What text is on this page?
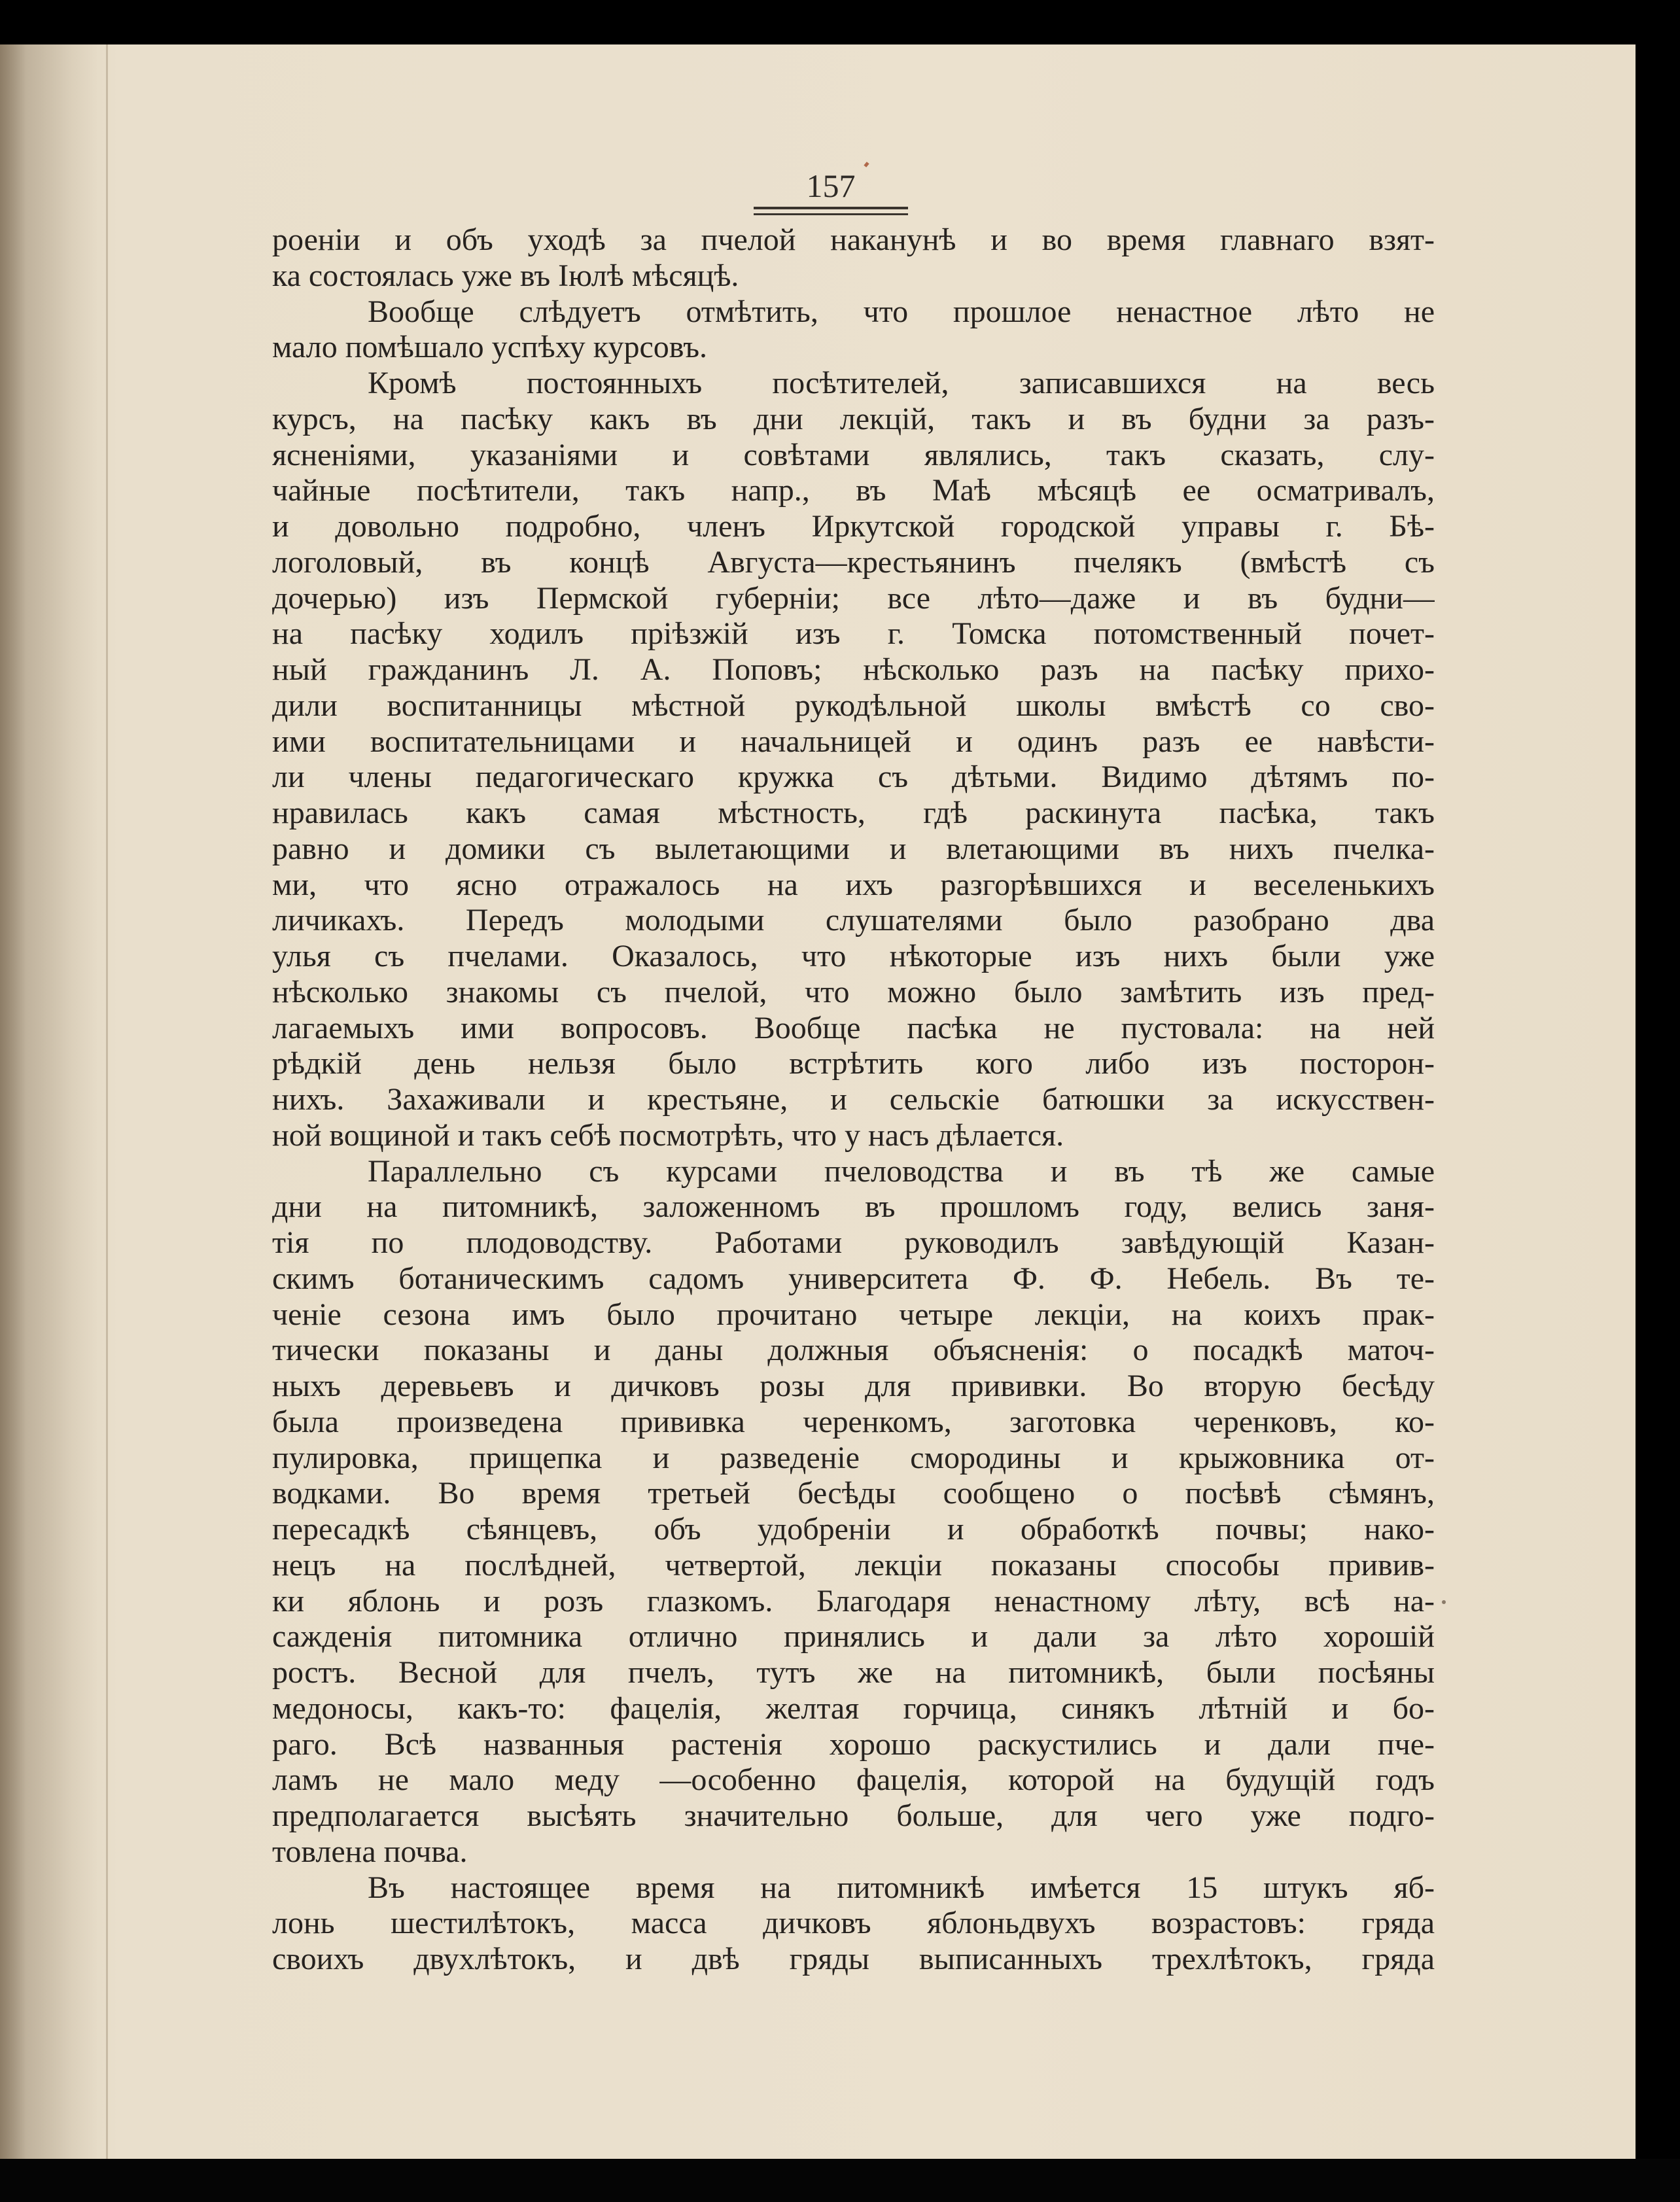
157
роенiи и объ уходѣ за пчелой наканунѣ и во время главнаго взят-
ка состоялась уже въ Iюлѣ мѣсяцѣ.
Вообще слѣдуетъ отмѣтить, что прошлое ненастное лѣто не
мало помѣшало успѣху курсовъ.
Кромѣ постоянныхъ посѣтителей, записавшихся на весь
курсъ, на пасѣку какъ въ дни лекцiй, такъ и въ будни за разъ-
ясненiями, указанiями и совѣтами являлись, такъ сказать, слу-
чайные посѣтители, такъ напр., въ Маѣ мѣсяцѣ ее осматривалъ,
и довольно подробно, членъ Иркутской городской управы г. Бѣ-
логоловый, въ концѣ Августа—крестьянинъ пчелякъ (вмѣстѣ съ
дочерью) изъ Пермской губернiи; все лѣто—даже и въ будни—
на пасѣку ходилъ прiѣзжiй изъ г. Томска потомственный почет-
ный гражданинъ Л. А. Поповъ; нѣсколько разъ на пасѣку прихо-
дили воспитанницы мѣстной рукодѣльной школы вмѣстѣ со сво-
ими воспитательницами и начальницей и одинъ разъ ее навѣсти-
ли члены педагогическаго кружка съ дѣтьми. Видимо дѣтямъ по-
нравилась какъ самая мѣстность, гдѣ раскинута пасѣка, такъ
равно и домики съ вылетающими и влетающими въ нихъ пчелка-
ми, что ясно отражалось на ихъ разгорѣвшихся и веселенькихъ
личикахъ. Передъ молодыми слушателями было разобрано два
улья съ пчелами. Оказалось, что нѣкоторые изъ нихъ были уже
нѣсколько знакомы съ пчелой, что можно было замѣтить изъ пред-
лагаемыхъ ими вопросовъ. Вообще пасѣка не пустовала: на ней
рѣдкiй день нельзя было встрѣтить кого либо изъ посторон-
нихъ. Захаживали и крестьяне, и сельскiе батюшки за искусствен-
ной вощиной и такъ себѣ посмотрѣть, что у насъ дѣлается.
Параллельно съ курсами пчеловодства и въ тѣ же самые
дни на питомникѣ, заложенномъ въ прошломъ году, велись заня-
тiя по плодоводству. Работами руководилъ завѣдующiй Казан-
скимъ ботаническимъ садомъ университета Ф. Ф. Небель. Въ те-
ченiе сезона имъ было прочитано четыре лекцiи, на коихъ прак-
тически показаны и даны должныя объясненiя: о посадкѣ маточ-
ныхъ деревьевъ и дичковъ розы для прививки. Во вторую бесѣду
была произведена прививка черенкомъ, заготовка черенковъ, ко-
пулировка, прищепка и разведенiе смородины и крыжовника от-
водками. Во время третьей бесѣды сообщено о посѣвѣ сѣмянъ,
пересадкѣ сѣянцевъ, объ удобренiи и обработкѣ почвы; нако-
нецъ на послѣдней, четвертой, лекцiи показаны способы привив-
ки яблонь и розъ глазкомъ. Благодаря ненастному лѣту, всѣ на-
сажденiя питомника отлично принялись и дали за лѣто хорошiй
ростъ. Весной для пчелъ, тутъ же на питомникѣ, были посѣяны
медоносы, какъ-то: фацелiя, желтая горчица, синякъ лѣтнiй и бо-
раго. Всѣ названныя растенiя хорошо раскустились и дали пче-
ламъ не мало меду —особенно фацелiя, которой на будущiй годъ
предполагается высѣять значительно больше, для чего уже подго-
товлена почва.
Въ настоящее время на питомникѣ имѣется 15 штукъ яб-
лонь шестилѣтокъ, масса дичковъ яблоньдвухъ возрастовъ: гряда
своихъ двухлѣтокъ, и двѣ гряды выписанныхъ трехлѣтокъ, гряда
